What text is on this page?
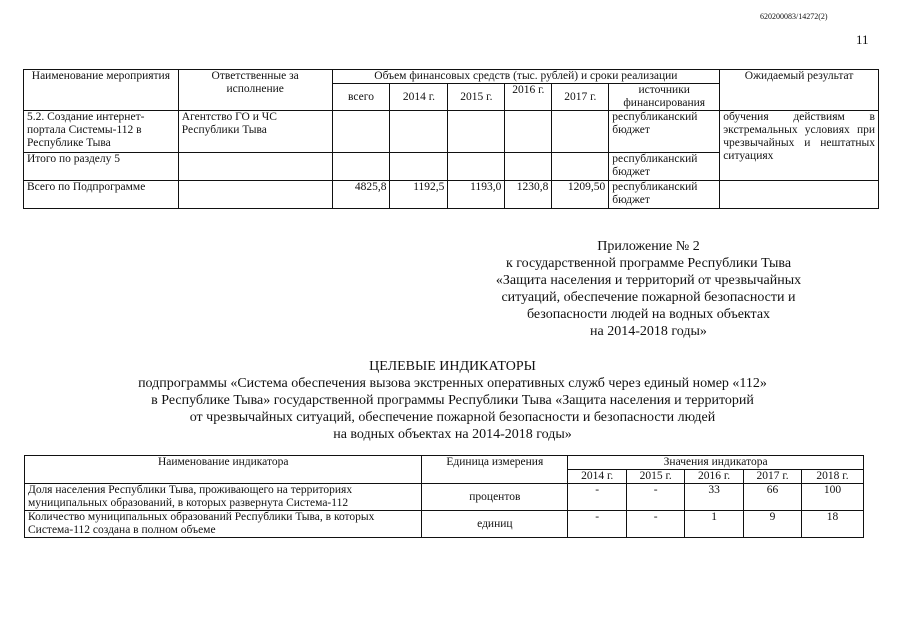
620200083/14272(2)
11
Наименование мероприятия	Ответственные за исполнение	Объем финансовых средств (тыс. рублей) и сроки реализации						Ожидаемый результат
		всего	2014 г.	2015 г.	2016 г.	2017 г.	источники финансирования	
5.2. Создание интернет-портала Системы-112 в Республике Тыва	Агентство ГО и ЧС Республики Тыва						республиканский бюджет	обучения действиям в экстремальных условиях при чрезвычайных и нештатных ситуациях
Итого по разделу 5							республиканский бюджет	
Всего по Подпрограмме		4825,8	1192,5	1193,0	1230,8	1209,50	республиканский бюджет	
Приложение № 2
к государственной программе Республики Тыва
«Защита населения и территорий от чрезвычайных
ситуаций, обеспечение пожарной безопасности и
безопасности людей на водных объектах
на 2014-2018 годы»
ЦЕЛЕВЫЕ ИНДИКАТОРЫ
подпрограммы «Система обеспечения вызова экстренных оперативных служб через единый номер «112»
в Республике Тыва» государственной программы Республики Тыва «Защита населения и территорий
от чрезвычайных ситуаций, обеспечение пожарной безопасности и безопасности людей
на водных объектах на 2014-2018 годы»
Наименование индикатора	Единица измерения	Значения индикатора				
		2014 г.	2015 г.	2016 г.	2017 г.	2018 г.
Доля населения Республики Тыва, проживающего на территориях муниципальных образований, в которых развернута Система-112	процентов	-	-	33	66	100
Количество муниципальных образований Республики Тыва, в которых Система-112 создана в полном объеме	единиц	-	-	1	9	18
